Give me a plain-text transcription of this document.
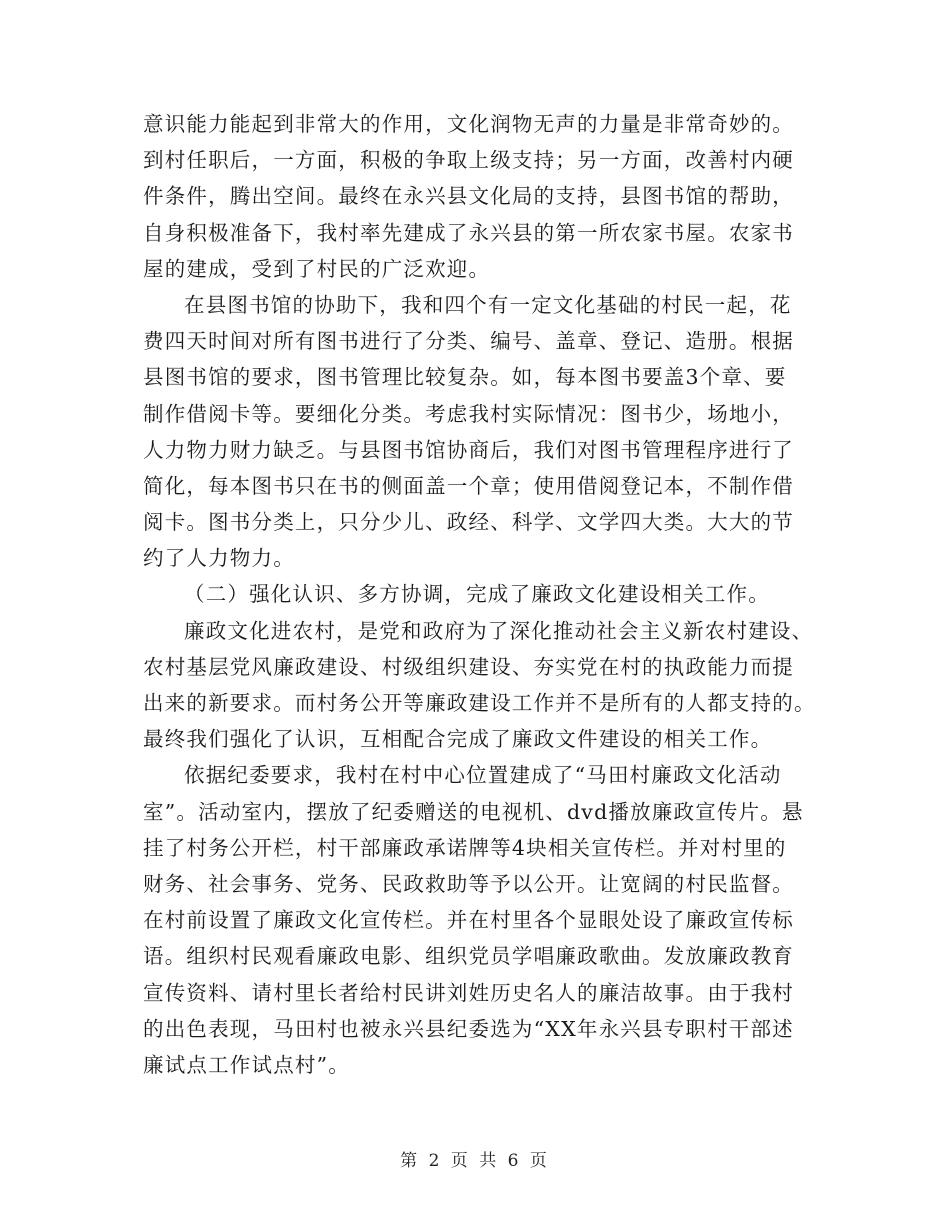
意识能力能起到非常大的作用，文化润物无声的力量是非常奇妙的。
到村任职后，一方面，积极的争取上级支持；另一方面，改善村内硬
件条件，腾出空间。最终在永兴县文化局的支持，县图书馆的帮助，
自身积极准备下，我村率先建成了永兴县的第一所农家书屋。农家书
屋的建成，受到了村民的广泛欢迎。
在县图书馆的协助下，我和四个有一定文化基础的村民一起，花
费四天时间对所有图书进行了分类、编号、盖章、登记、造册。根据
县图书馆的要求，图书管理比较复杂。如，每本图书要盖3个章、要
制作借阅卡等。要细化分类。考虑我村实际情况：图书少，场地小，
人力物力财力缺乏。与县图书馆协商后，我们对图书管理程序进行了
简化，每本图书只在书的侧面盖一个章；使用借阅登记本，不制作借
阅卡。图书分类上，只分少儿、政经、科学、文学四大类。大大的节
约了人力物力。
（二）强化认识、多方协调，完成了廉政文化建设相关工作。
廉政文化进农村，是党和政府为了深化推动社会主义新农村建设、
农村基层党风廉政建设、村级组织建设、夯实党在村的执政能力而提
出来的新要求。而村务公开等廉政建设工作并不是所有的人都支持的。
最终我们强化了认识，互相配合完成了廉政文件建设的相关工作。
依据纪委要求，我村在村中心位置建成了“马田村廉政文化活动
室”。活动室内，摆放了纪委赠送的电视机、dvd播放廉政宣传片。悬
挂了村务公开栏，村干部廉政承诺牌等4块相关宣传栏。并对村里的
财务、社会事务、党务、民政救助等予以公开。让宽阔的村民监督。
在村前设置了廉政文化宣传栏。并在村里各个显眼处设了廉政宣传标
语。组织村民观看廉政电影、组织党员学唱廉政歌曲。发放廉政教育
宣传资料、请村里长者给村民讲刘姓历史名人的廉洁故事。由于我村
的出色表现，马田村也被永兴县纪委选为“XX年永兴县专职村干部述
廉试点工作试点村”。
第 2 页 共 6 页
